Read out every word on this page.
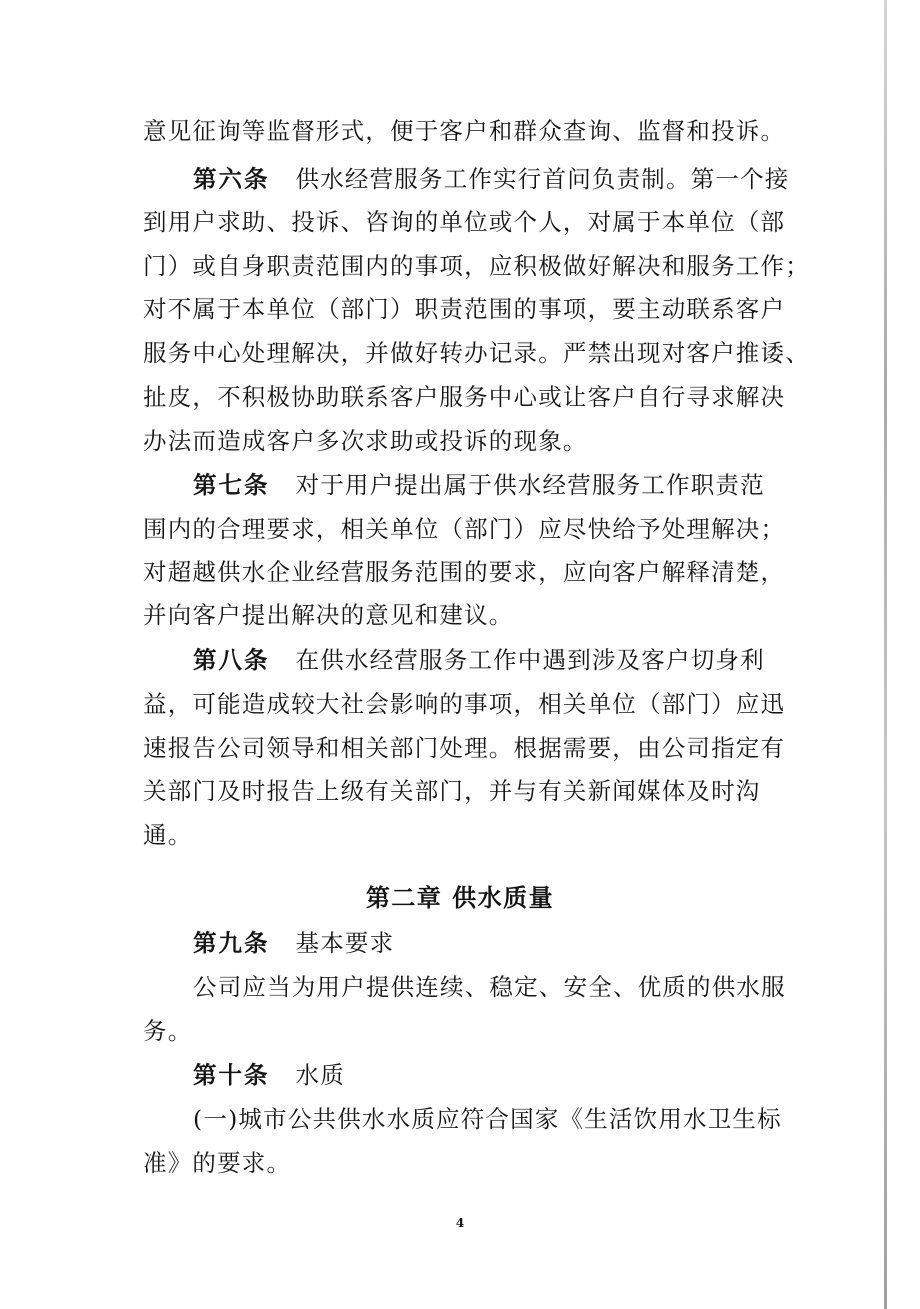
意见征询等监督形式，便于客户和群众查询、监督和投诉。
第六条 供水经营服务工作实行首问负责制。第一个接
到用户求助、投诉、咨询的单位或个人，对属于本单位（部
门）或自身职责范围内的事项，应积极做好解决和服务工作；
对不属于本单位（部门）职责范围的事项，要主动联系客户
服务中心处理解决，并做好转办记录。严禁出现对客户推诿、
扯皮，不积极协助联系客户服务中心或让客户自行寻求解决
办法而造成客户多次求助或投诉的现象。
第七条 对于用户提出属于供水经营服务工作职责范
围内的合理要求，相关单位（部门）应尽快给予处理解决；
对超越供水企业经营服务范围的要求，应向客户解释清楚，
并向客户提出解决的意见和建议。
第八条 在供水经营服务工作中遇到涉及客户切身利
益，可能造成较大社会影响的事项，相关单位（部门）应迅
速报告公司领导和相关部门处理。根据需要，由公司指定有
关部门及时报告上级有关部门，并与有关新闻媒体及时沟
通。
第二章 供水质量
第九条 基本要求
公司应当为用户提供连续、稳定、安全、优质的供水服
务。
第十条 水质
(一)城市公共供水水质应符合国家《生活饮用水卫生标
准》的要求。
4
